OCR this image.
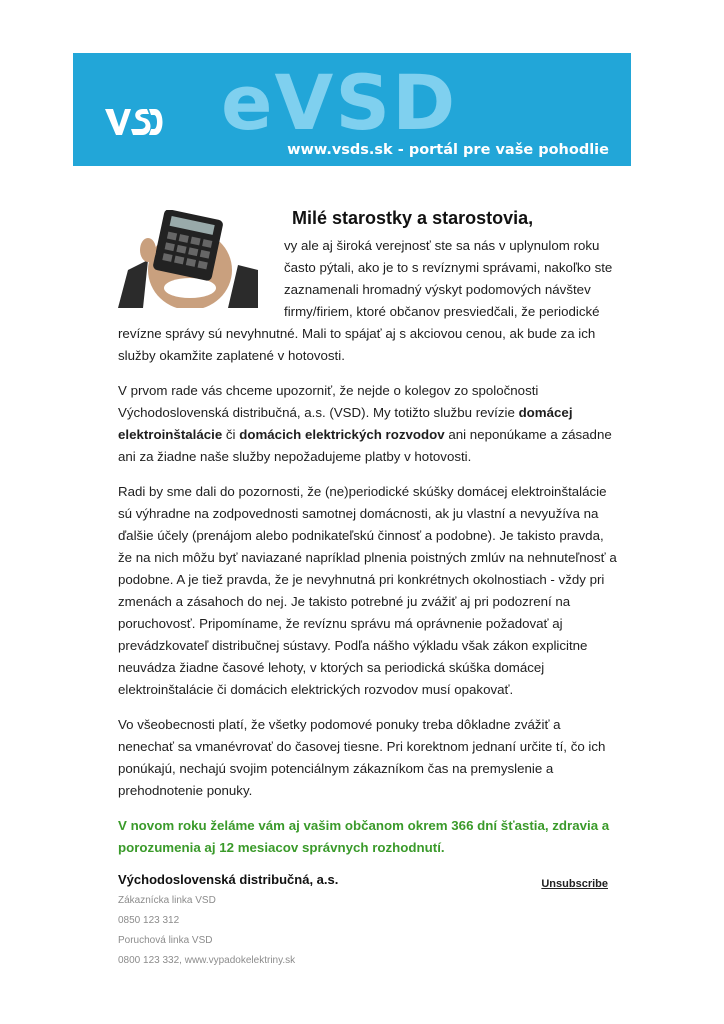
eVSD
www.vsds.sk - portál pre vaše pohodlie
Milé starostky a starostovia,
vy ale aj široká verejnosť ste sa nás v uplynulom roku
často pýtali, ako je to s revíznymi správami, nakoľko ste
zaznamenali hromadný výskyt podomových návštev
firmy/firiem, ktoré občanov presviedčali, že periodické

revízne správy sú nevyhnutné. Mali to spájať aj s akciovou cenou, ak bude za ich služby okamžite zaplatené v hotovosti.

V prvom rade vás chceme upozorniť, že nejde o kolegov zo spoločnosti Východoslovenská distribučná, a.s. (VSD). My totižto službu revízie domácej elektroinštalácie či domácich elektrických rozvodov ani neponúkame a zásadne ani za žiadne naše služby nepožadujeme platby v hotovosti.

Radi by sme dali do pozornosti, že (ne)periodické skúšky domácej elektroinštalácie sú výhradne na zodpovednosti samotnej domácnosti, ak ju vlastní a nevyužíva na ďalšie účely (prenájom alebo podnikateľskú činnosť a podobne). Je takisto pravda, že na nich môžu byť naviazané napríklad plnenia poistných zmlúv na nehnuteľnosť a podobne. A je tiež pravda, že je nevyhnutná pri konkrétnych okolnostiach - vždy pri zmenách a zásahoch do nej. Je takisto potrebné ju zvážiť aj pri podozrení na poruchovosť. Pripomíname, že revíznu správu má oprávnenie požadovať aj prevádzkovateľ distribučnej sústavy. Podľa nášho výkladu však zákon explicitne neuvádza žiadne časové lehoty, v ktorých sa periodická skúška domácej elektroinštalácie či domácich elektrických rozvodov musí opakovať.

Vo všeobecnosti platí, že všetky podomové ponuky treba dôkladne zvážiť a nenechať sa vmanévrovať do časovej tiesne. Pri korektnom jednaní určite tí, čo ich ponúkajú, nechajú svojim potenciálnym zákazníkom čas na premyslenie a prehodnotenie ponuky.

V novom roku želáme vám aj vašim občanom okrem 366 dní šťastia, zdravia a porozumenia aj 12 mesiacov správnych rozhodnutí.

Východoslovenská distribučná, a.s.	Unsubscribe
Zákaznícka linka VSD
0850 123 312
Poruchová linka VSD
0800 123 332, www.vypadokelektriny.sk
